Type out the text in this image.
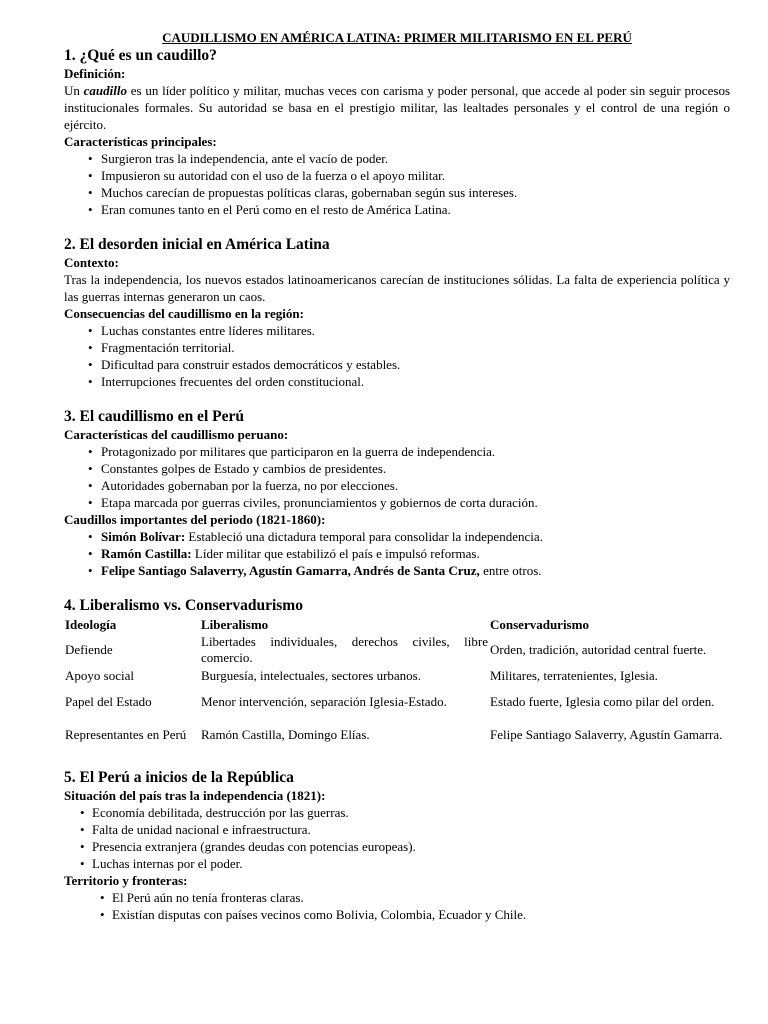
CAUDILLISMO EN AMÉRICA LATINA: PRIMER MILITARISMO EN EL PERÚ
1. ¿Qué es un caudillo?
Definición:

Un caudillo es un líder político y militar, muchas veces con carisma y poder personal, que accede al poder sin seguir procesos institucionales formales. Su autoridad se basa en el prestigio militar, las lealtades personales y el control de una región o ejército.

Características principales:
• Surgieron tras la independencia, ante el vacío de poder.
• Impusieron su autoridad con el uso de la fuerza o el apoyo militar.
• Muchos carecían de propuestas políticas claras, gobernaban según sus intereses.
• Eran comunes tanto en el Perú como en el resto de América Latina.
2. El desorden inicial en América Latina
Contexto:

Tras la independencia, los nuevos estados latinoamericanos carecían de instituciones sólidas. La falta de experiencia política y las guerras internas generaron un caos.

Consecuencias del caudillismo en la región:
• Luchas constantes entre líderes militares.
• Fragmentación territorial.
• Dificultad para construir estados democráticos y estables.
• Interrupciones frecuentes del orden constitucional.
3. El caudillismo en el Perú
Características del caudillismo peruano:
• Protagonizado por militares que participaron en la guerra de independencia.
• Constantes golpes de Estado y cambios de presidentes.
• Autoridades gobernaban por la fuerza, no por elecciones.
• Etapa marcada por guerras civiles, pronunciamientos y gobiernos de corta duración.
Caudillos importantes del periodo (1821-1860):
• Simón Bolívar: Estableció una dictadura temporal para consolidar la independencia.
• Ramón Castilla: Líder militar que estabilizó el país e impulsó reformas.
• Felipe Santiago Salaverry, Agustín Gamarra, Andrés de Santa Cruz, entre otros.
4. Liberalismo vs. Conservadurismo
Ideología	Liberalismo	Conservadurismo
Defiende	Libertades individuales, derechos civiles, libre comercio.	Orden, tradición, autoridad central fuerte.
Apoyo social	Burguesía, intelectuales, sectores urbanos.	Militares, terratenientes, Iglesia.
Papel del Estado	Menor intervención, separación Iglesia-Estado.	Estado fuerte, Iglesia como pilar del orden.
Representantes en Perú	Ramón Castilla, Domingo Elías.	Felipe Santiago Salaverry, Agustín Gamarra.
5. El Perú a inicios de la República
Situación del país tras la independencia (1821):
• Economía debilitada, destrucción por las guerras.
• Falta de unidad nacional e infraestructura.
• Presencia extranjera (grandes deudas con potencias europeas).
• Luchas internas por el poder.
Territorio y fronteras:
• El Perú aún no tenía fronteras claras.
• Existían disputas con países vecinos como Bolivia, Colombia, Ecuador y Chile.
